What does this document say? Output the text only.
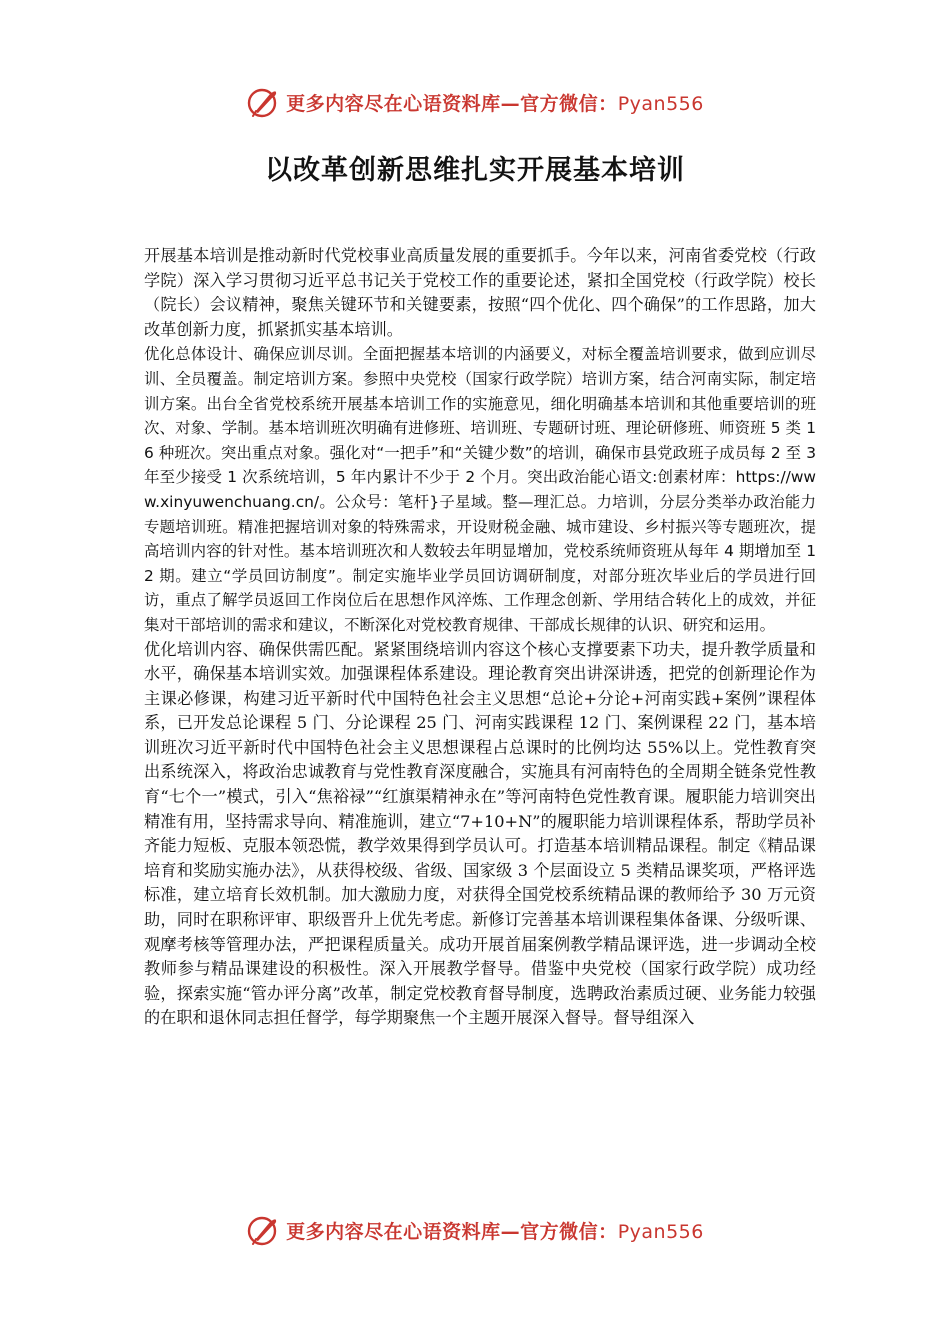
更多内容尽在心语资料库—官方微信：Pyan556
以改革创新思维扎实开展基本培训

开展基本培训是推动新时代党校事业高质量发展的重要抓手。今年以来，河南省委党校（行政学院）深入学习贯彻习近平总书记关于党校工作的重要论述，紧扣全国党校（行政学院）校长（院长）会议精神，聚焦关键环节和关键要素，按照“四个优化、四个确保”的工作思路，加大改革创新力度，抓紧抓实基本培训。

优化总体设计、确保应训尽训。全面把握基本培训的内涵要义，对标全覆盖培训要求，做到应训尽训、全员覆盖。制定培训方案。参照中央党校（国家行政学院）培训方案，结合河南实际，制定培训方案。出台全省党校系统开展基本培训工作的实施意见，细化明确基本培训和其他重要培训的班次、对象、学制。基本培训班次明确有进修班、培训班、专题研讨班、理论研修班、师资班 5 类 16 种班次。突出重点对象。强化对“一把手”和“关键少数”的培训，确保市县党政班子成员每 2 至 3 年至少接受 1 次系统培训，5 年内累计不少于 2 个月。突出政治能心语文:创素材库：https://www.xinyuwenchuang.cn/。公众号：笔杆}子星域。整—理汇总。力培训，分层分类举办政治能力专题培训班。精准把握培训对象的特殊需求，开设财税金融、城市建设、乡村振兴等专题班次，提高培训内容的针对性。基本培训班次和人数较去年明显增加，党校系统师资班从每年 4 期增加至 12 期。建立“学员回访制度”。制定实施毕业学员回访调研制度，对部分班次毕业后的学员进行回访，重点了解学员返回工作岗位后在思想作风淬炼、工作理念创新、学用结合转化上的成效，并征集对干部培训的需求和建议，不断深化对党校教育规律、干部成长规律的认识、研究和运用。

优化培训内容、确保供需匹配。紧紧围绕培训内容这个核心支撑要素下功夫，提升教学质量和水平，确保基本培训实效。加强课程体系建设。理论教育突出讲深讲透，把党的创新理论作为主课必修课，构建习近平新时代中国特色社会主义思想“总论+分论+河南实践+案例”课程体系，已开发总论课程 5 门、分论课程 25 门、河南实践课程 12 门、案例课程 22 门，基本培训班次习近平新时代中国特色社会主义思想课程占总课时的比例均达 55%以上。党性教育突出系统深入，将政治忠诚教育与党性教育深度融合，实施具有河南特色的全周期全链条党性教育“七个一”模式，引入“焦裕禄”“红旗渠精神永在”等河南特色党性教育课。履职能力培训突出精准有用，坚持需求导向、精准施训，建立“7+10+N”的履职能力培训课程体系，帮助学员补齐能力短板、克服本领恐慌，教学效果得到学员认可。打造基本培训精品课程。制定《精品课培育和奖励实施办法》，从获得校级、省级、国家级 3 个层面设立 5 类精品课奖项，严格评选标准，建立培育长效机制。加大激励力度，对获得全国党校系统精品课的教师给予 30 万元资助，同时在职称评审、职级晋升上优先考虑。新修订完善基本培训课程集体备课、分级听课、观摩考核等管理办法，严把课程质量关。成功开展首届案例教学精品课评选，进一步调动全校教师参与精品课建设的积极性。深入开展教学督导。借鉴中央党校（国家行政学院）成功经验，探索实施“管办评分离”改革，制定党校教育督导制度，选聘政治素质过硬、业务能力较强的在职和退休同志担任督学，每学期聚焦一个主题开展深入督导。督导组深入

更多内容尽在心语资料库—官方微信：Pyan556
